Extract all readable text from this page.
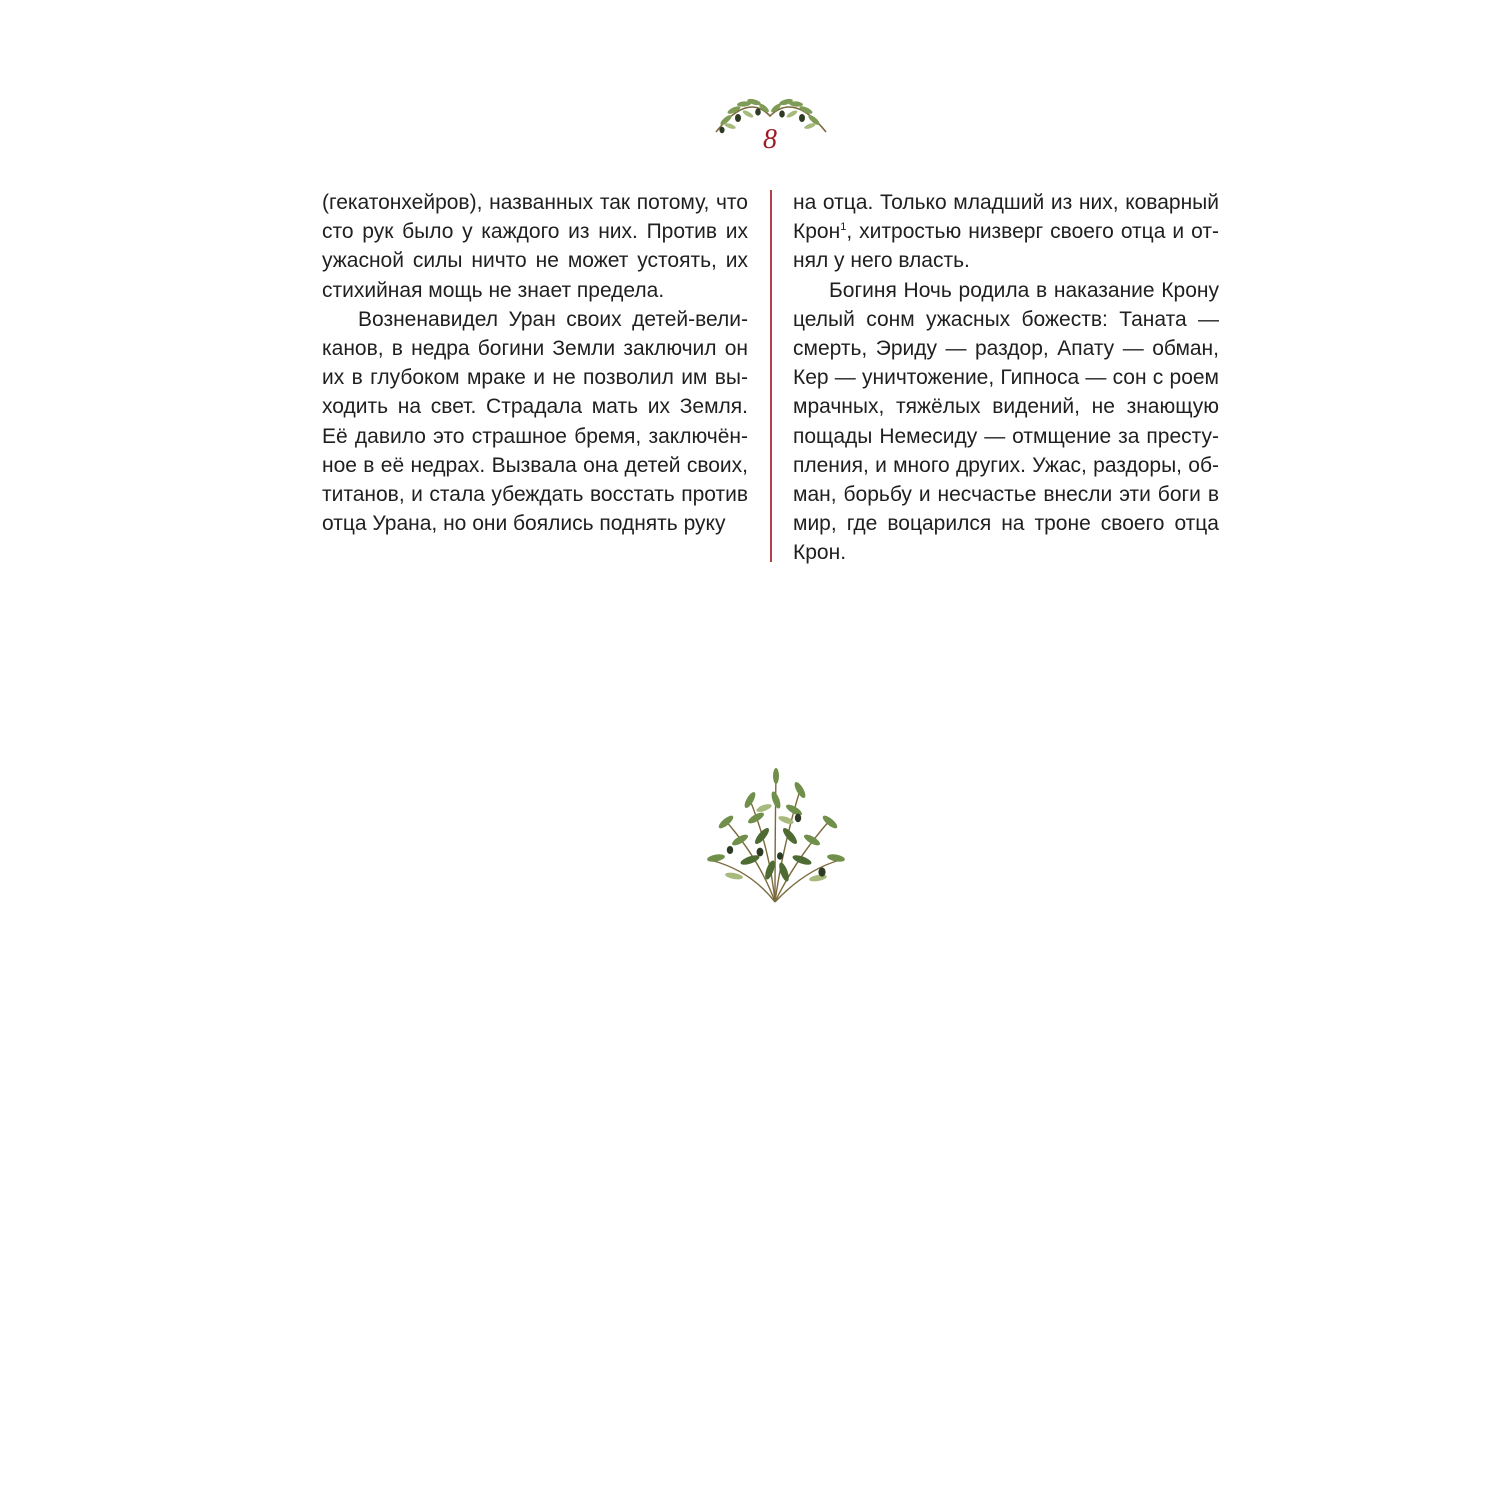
8

(гекатонхейров), названных так потому, что сто рук было у каждого из них. Против их ужасной силы ничто не может устоять, их стихийная мощь не знает предела.

Возненавидел Уран своих детей-великанов, в недра богини Земли заключил он их в глубоком мраке и не позволил им выходить на свет. Страдала мать их Земля. Её давило это страшное бремя, заключённое в её недрах. Вызвала она детей своих, титанов, и стала убеждать восстать против отца Урана, но они боялись поднять руку

на отца. Только младший из них, коварный Крон$^1$, хитростью низверг своего отца и отнял у него власть.

Богиня Ночь родила в наказание Крону целый сонм ужасных божеств: Таната — смерть, Эриду — раздор, Апату — обман, Кер — уничтожение, Гипноса — сон с роем мрачных, тяжёлых видений, не знающую пощады Немесиду — отмщение за преступления, и много других. Ужас, раздоры, обман, борьбу и несчастье внесли эти боги в мир, где воцарился на троне своего отца Крон.
